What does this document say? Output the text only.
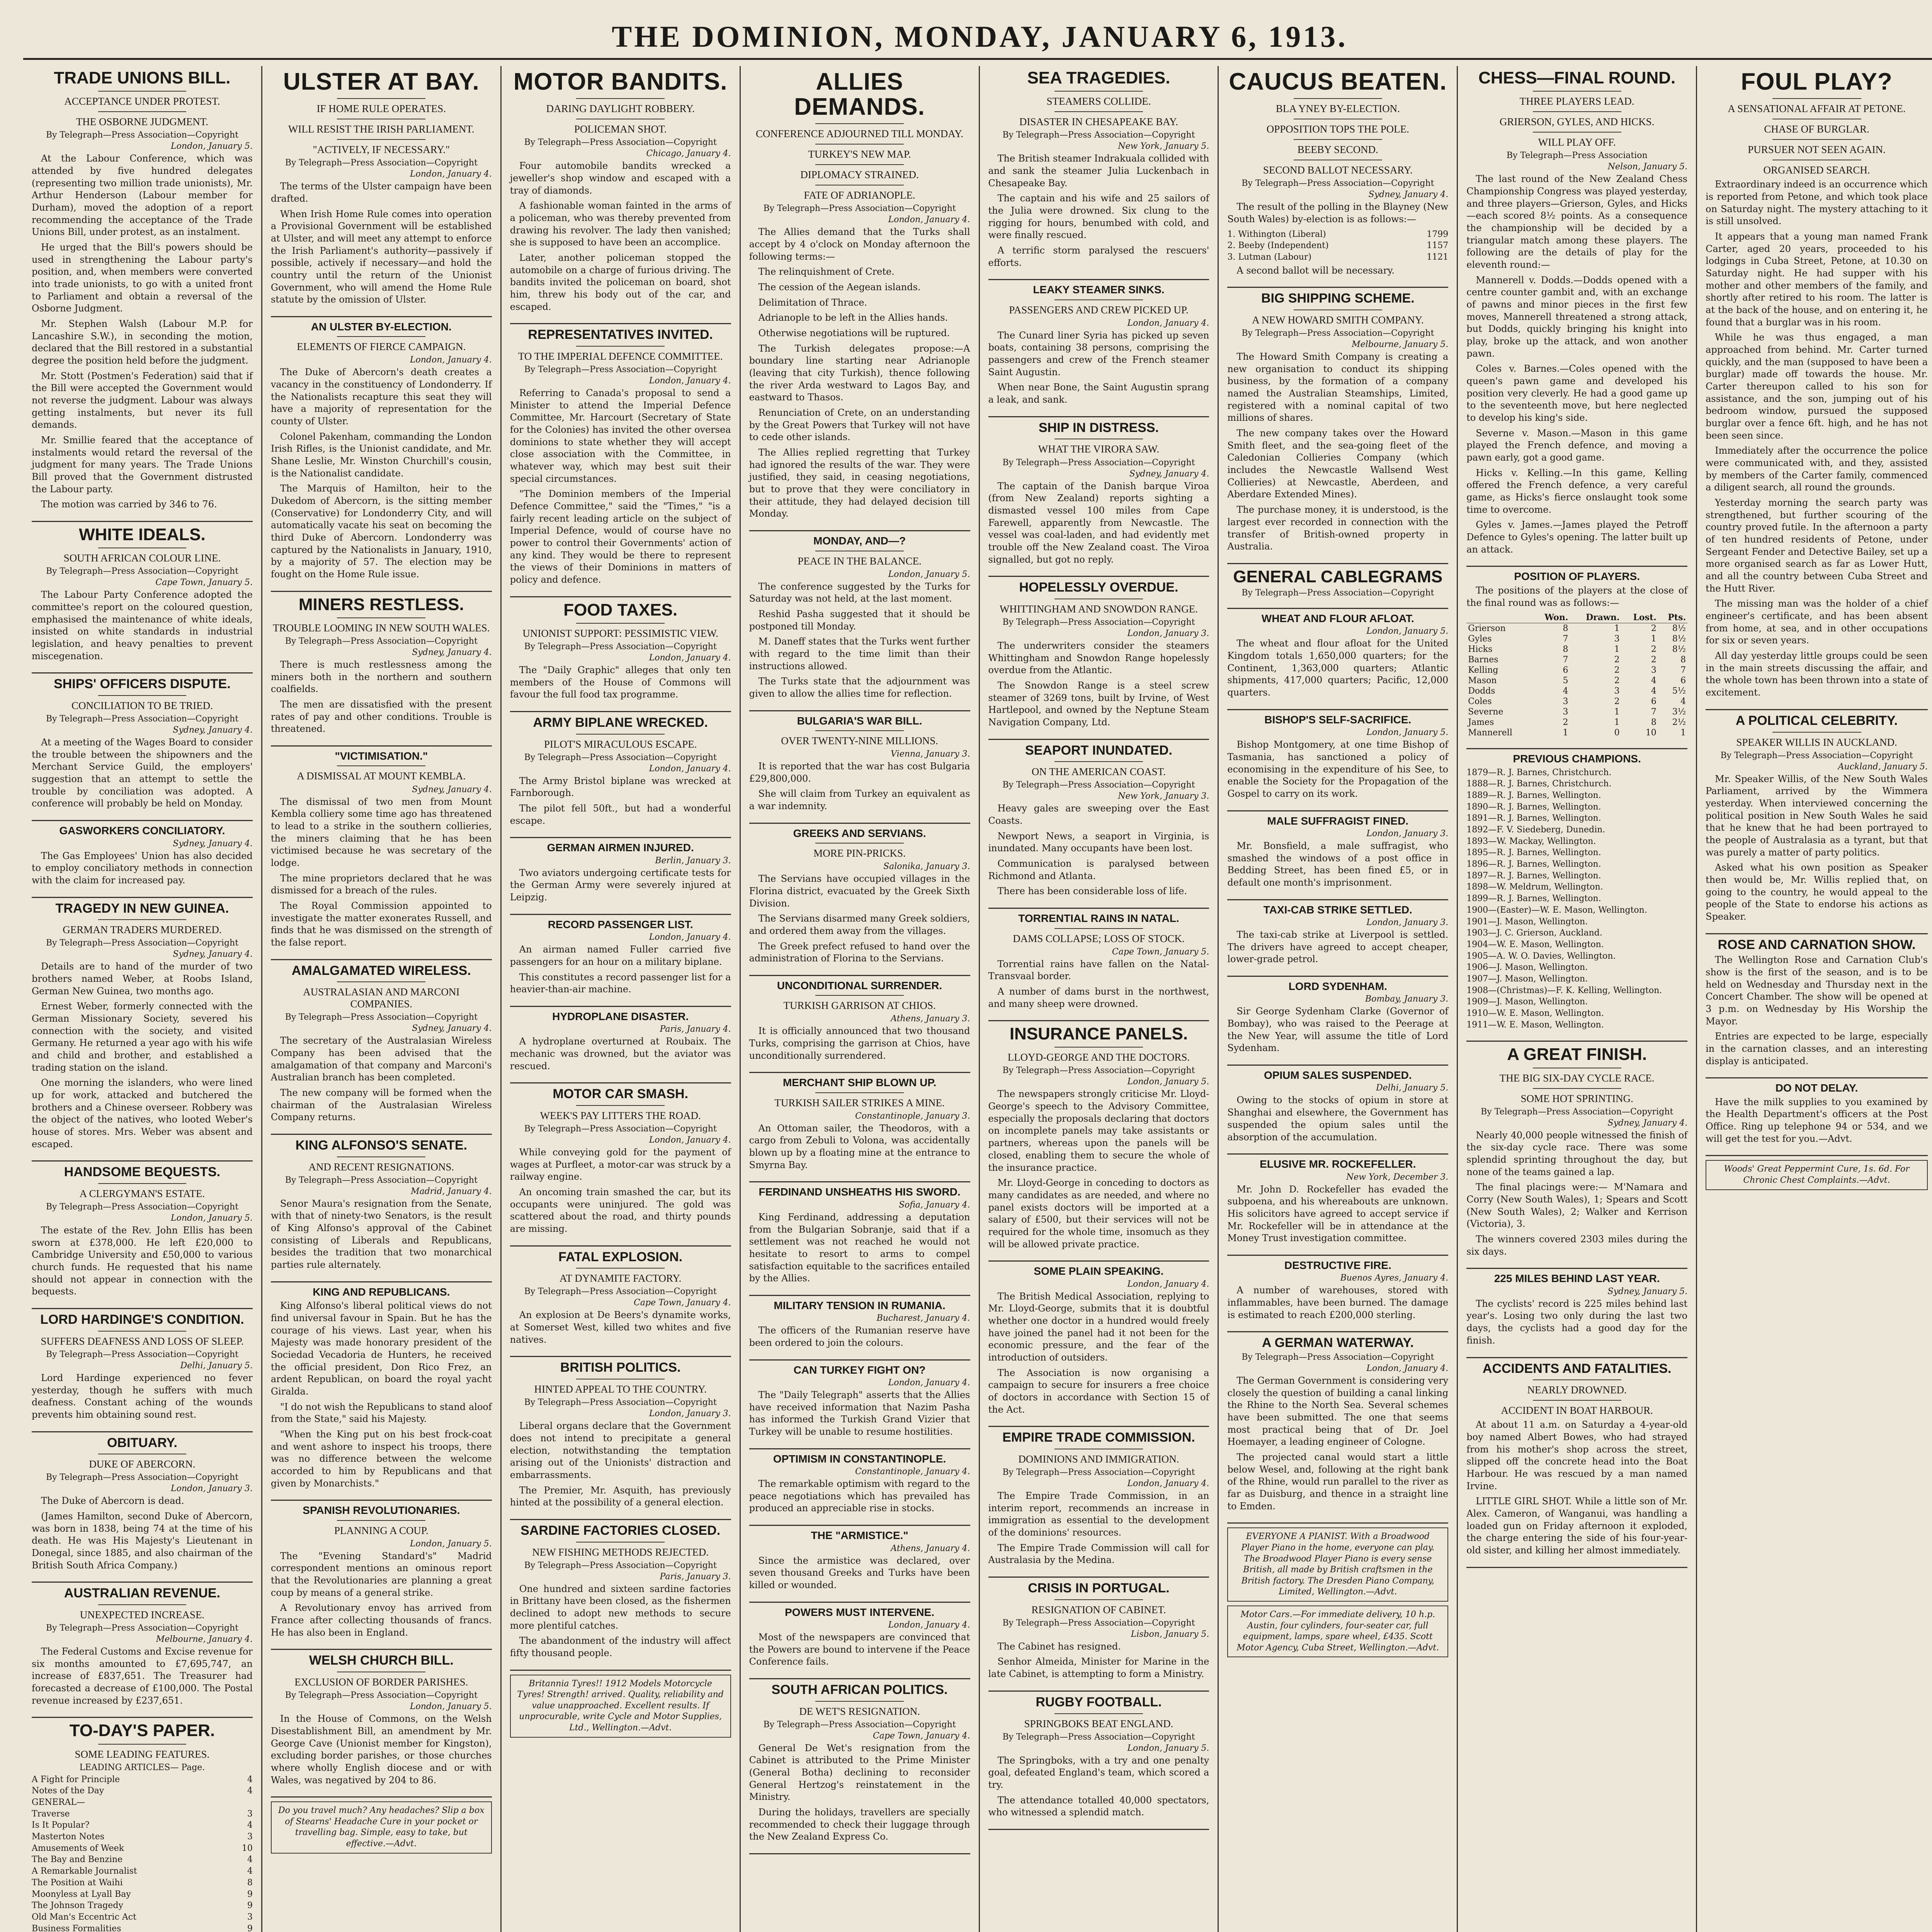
THE DOMINION, MONDAY, JANUARY 6, 1913.
TRADE UNIONS BILL.
ACCEPTANCE UNDER PROTEST.
THE OSBORNE JUDGMENT.
By Telegraph—Press Association—Copyright
London, January 5.

At the Labour Conference, which was attended by five hundred delegates (representing two million trade unionists), Mr. Arthur Henderson (Labour member for Durham), moved the adoption of a report recommending the acceptance of the Trade Unions Bill, under protest, as an instalment.

He urged that the Bill's powers should be used in strengthening the Labour party's position, and, when members were converted into trade unionists, to go with a united front to Parliament and obtain a reversal of the Osborne Judgment.

Mr. Stephen Walsh (Labour M.P. for Lancashire S.W.), in seconding the motion, declared that the Bill restored in a substantial degree the position held before the judgment.

Mr. Stott (Postmen's Federation) said that if the Bill were accepted the Government would not reverse the judgment. Labour was always getting instalments, but never its full demands.

Mr. Smillie feared that the acceptance of instalments would retard the reversal of the judgment for many years. The Trade Unions Bill proved that the Government distrusted the Labour party.

The motion was carried by 346 to 76.

WHITE IDEALS.
SOUTH AFRICAN COLOUR LINE.
By Telegraph—Press Association—Copyright
Cape Town, January 5.

The Labour Party Conference adopted the committee's report on the coloured question, emphasised the maintenance of white ideals, insisted on white standards in industrial legislation, and heavy penalties to prevent miscegenation.

SHIPS' OFFICERS DISPUTE.
CONCILIATION TO BE TRIED.
By Telegraph—Press Association—Copyright
Sydney, January 4.

At a meeting of the Wages Board to consider the trouble between the shipowners and the Merchant Service Guild, the employers' suggestion that an attempt to settle the trouble by conciliation was adopted. A conference will probably be held on Monday.

GASWORKERS CONCILIATORY.
Sydney, January 4.

The Gas Employees' Union has also decided to employ conciliatory methods in connection with the claim for increased pay.

TRAGEDY IN NEW GUINEA.
GERMAN TRADERS MURDERED.
By Telegraph—Press Association—Copyright
Sydney, January 4.

Details are to hand of the murder of two brothers named Weber, at Roobs Island, German New Guinea, two months ago.

Ernest Weber, formerly connected with the German Missionary Society, severed his connection with the society, and visited Germany. He returned a year ago with his wife and child and brother, and established a trading station on the island.

One morning the islanders, who were lined up for work, attacked and butchered the brothers and a Chinese overseer. Robbery was the object of the natives, who looted Weber's house of stores. Mrs. Weber was absent and escaped.

HANDSOME BEQUESTS.
A CLERGYMAN'S ESTATE.
By Telegraph—Press Association—Copyright
London, January 5.

The estate of the Rev. John Ellis has been sworn at £378,000. He left £20,000 to Cambridge University and £50,000 to various church funds. He requested that his name should not appear in connection with the bequests.

LORD HARDINGE'S CONDITION.
SUFFERS DEAFNESS AND LOSS OF SLEEP.
By Telegraph—Press Association—Copyright
Delhi, January 5.

Lord Hardinge experienced no fever yesterday, though he suffers with much deafness. Constant aching of the wounds prevents him obtaining sound rest.

OBITUARY.
DUKE OF ABERCORN.
By Telegraph—Press Association—Copyright
London, January 3.

The Duke of Abercorn is dead.

(James Hamilton, second Duke of Abercorn, was born in 1838, being 74 at the time of his death. He was His Majesty's Lieutenant in Donegal, since 1885, and also chairman of the British South Africa Company.)

AUSTRALIAN REVENUE.
UNEXPECTED INCREASE.
By Telegraph—Press Association—Copyright
Melbourne, January 4.

The Federal Customs and Excise revenue for six months amounted to £7,695,747, an increase of £837,651. The Treasurer had forecasted a decrease of £100,000. The Postal revenue increased by £237,651.

TO-DAY'S PAPER.
SOME LEADING FEATURES.
LEADING ARTICLES— Page.
A Fight for Principle	4
Notes of the Day	4
GENERAL—
Traverse	3
Is It Popular?	4
Masterton Notes	3
Amusements of Week	10
The Bay and Benzine	4
A Remarkable Journalist	4
The Position at Waihi	8
Moonyless at Lyall Bay	9
The Johnson Tragedy	9
Old Man's Eccentric Act	3
Business Formalities	9
ULSTER AT BAY.
IF HOME RULE OPERATES.
WILL RESIST THE IRISH PARLIAMENT.
"ACTIVELY, IF NECESSARY."
By Telegraph—Press Association—Copyright
London, January 4.

The terms of the Ulster campaign have been drafted.

When Irish Home Rule comes into operation a Provisional Government will be established at Ulster, and will meet any attempt to enforce the Irish Parliament's authority—passively if possible, actively if necessary—and hold the country until the return of the Unionist Government, who will amend the Home Rule statute by the omission of Ulster.

AN ULSTER BY-ELECTION.
ELEMENTS OF FIERCE CAMPAIGN.
London, January 4.

The Duke of Abercorn's death creates a vacancy in the constituency of Londonderry. If the Nationalists recapture this seat they will have a majority of representation for the county of Ulster.

Colonel Pakenham, commanding the London Irish Rifles, is the Unionist candidate, and Mr. Shane Leslie, Mr. Winston Churchill's cousin, is the Nationalist candidate.

The Marquis of Hamilton, heir to the Dukedom of Abercorn, is the sitting member (Conservative) for Londonderry City, and will automatically vacate his seat on becoming the third Duke of Abercorn. Londonderry was captured by the Nationalists in January, 1910, by a majority of 57. The election may be fought on the Home Rule issue.

MINERS RESTLESS.
TROUBLE LOOMING IN NEW SOUTH WALES.
By Telegraph—Press Association—Copyright
Sydney, January 4.

There is much restlessness among the miners both in the northern and southern coalfields.

The men are dissatisfied with the present rates of pay and other conditions. Trouble is threatened.

"VICTIMISATION."
A DISMISSAL AT MOUNT KEMBLA.
Sydney, January 4.

The dismissal of two men from Mount Kembla colliery some time ago has threatened to lead to a strike in the southern collieries, the miners claiming that he has been victimised because he was secretary of the lodge.

The mine proprietors declared that he was dismissed for a breach of the rules.

The Royal Commission appointed to investigate the matter exonerates Russell, and finds that he was dismissed on the strength of the false report.

AMALGAMATED WIRELESS.
AUSTRALASIAN AND MARCONI COMPANIES.
By Telegraph—Press Association—Copyright
Sydney, January 4.

The secretary of the Australasian Wireless Company has been advised that the amalgamation of that company and Marconi's Australian branch has been completed.

The new company will be formed when the chairman of the Australasian Wireless Company returns.

KING ALFONSO'S SENATE.
AND RECENT RESIGNATIONS.
By Telegraph—Press Association—Copyright
Madrid, January 4.

Senor Maura's resignation from the Senate, with that of ninety-two Senators, is the result of King Alfonso's approval of the Cabinet consisting of Liberals and Republicans, besides the tradition that two monarchical parties rule alternately.

KING AND REPUBLICANS.

King Alfonso's liberal political views do not find universal favour in Spain. But he has the courage of his views. Last year, when his Majesty was made honorary president of the Sociedad Vecadoria de Hunters, he received the official president, Don Rico Frez, an ardent Republican, on board the royal yacht Giralda.

"I do not wish the Republicans to stand aloof from the State," said his Majesty.

"When the King put on his best frock-coat and went ashore to inspect his troops, there was no difference between the welcome accorded to him by Republicans and that given by Monarchists."

SPANISH REVOLUTIONARIES.
PLANNING A COUP.
London, January 5.

The "Evening Standard's" Madrid correspondent mentions an ominous report that the Revolutionaries are planning a great coup by means of a general strike.

A Revolutionary envoy has arrived from France after collecting thousands of francs. He has also been in England.

WELSH CHURCH BILL.
EXCLUSION OF BORDER PARISHES.
By Telegraph—Press Association—Copyright
London, January 5.

In the House of Commons, on the Welsh Disestablishment Bill, an amendment by Mr. George Cave (Unionist member for Kingston), excluding border parishes, or those churches where wholly English diocese and or with Wales, was negatived by 204 to 86.

Do you travel much? Any headaches? Slip a box of Stearns' Headache Cure in your pocket or travelling bag. Simple, easy to take, but effective.—Advt.
MOTOR BANDITS.
DARING DAYLIGHT ROBBERY.
POLICEMAN SHOT.
By Telegraph—Press Association—Copyright
Chicago, January 4.

Four automobile bandits wrecked a jeweller's shop window and escaped with a tray of diamonds.

A fashionable woman fainted in the arms of a policeman, who was thereby prevented from drawing his revolver. The lady then vanished; she is supposed to have been an accomplice.

Later, another policeman stopped the automobile on a charge of furious driving. The bandits invited the policeman on board, shot him, threw his body out of the car, and escaped.

REPRESENTATIVES INVITED.
TO THE IMPERIAL DEFENCE COMMITTEE.
By Telegraph—Press Association—Copyright
London, January 4.

Referring to Canada's proposal to send a Minister to attend the Imperial Defence Committee, Mr. Harcourt (Secretary of State for the Colonies) has invited the other oversea dominions to state whether they will accept close association with the Committee, in whatever way, which may best suit their special circumstances.

"The Dominion members of the Imperial Defence Committee," said the "Times," "is a fairly recent leading article on the subject of Imperial Defence, would of course have no power to control their Governments' action of any kind. They would be there to represent the views of their Dominions in matters of policy and defence.

FOOD TAXES.
UNIONIST SUPPORT: PESSIMISTIC VIEW.
By Telegraph—Press Association—Copyright
London, January 4.

The "Daily Graphic" alleges that only ten members of the House of Commons will favour the full food tax programme.

ARMY BIPLANE WRECKED.
PILOT'S MIRACULOUS ESCAPE.
By Telegraph—Press Association—Copyright
London, January 4.

The Army Bristol biplane was wrecked at Farnborough.

The pilot fell 50ft., but had a wonderful escape.

GERMAN AIRMEN INJURED.
Berlin, January 3.

Two aviators undergoing certificate tests for the German Army were severely injured at Leipzig.

RECORD PASSENGER LIST.
London, January 4.

An airman named Fuller carried five passengers for an hour on a military biplane.

This constitutes a record passenger list for a heavier-than-air machine.

HYDROPLANE DISASTER.
Paris, January 4.

A hydroplane overturned at Roubaix. The mechanic was drowned, but the aviator was rescued.

MOTOR CAR SMASH.
WEEK'S PAY LITTERS THE ROAD.
By Telegraph—Press Association—Copyright
London, January 4.

While conveying gold for the payment of wages at Purfleet, a motor-car was struck by a railway engine.

An oncoming train smashed the car, but its occupants were uninjured. The gold was scattered about the road, and thirty pounds are missing.

FATAL EXPLOSION.
AT DYNAMITE FACTORY.
By Telegraph—Press Association—Copyright
Cape Town, January 4.

An explosion at De Beers's dynamite works, at Somerset West, killed two whites and five natives.

BRITISH POLITICS.
HINTED APPEAL TO THE COUNTRY.
By Telegraph—Press Association—Copyright
London, January 3.

Liberal organs declare that the Government does not intend to precipitate a general election, notwithstanding the temptation arising out of the Unionists' distraction and embarrassments.

The Premier, Mr. Asquith, has previously hinted at the possibility of a general election.

SARDINE FACTORIES CLOSED.
NEW FISHING METHODS REJECTED.
By Telegraph—Press Association—Copyright
Paris, January 3.

One hundred and sixteen sardine factories in Brittany have been closed, as the fishermen declined to adopt new methods to secure more plentiful catches.

The abandonment of the industry will affect fifty thousand people.

Britannia Tyres!! 1912 Models Motorcycle Tyres! Strength! arrived. Quality, reliability and value unapproached. Excellent results. If unprocurable, write Cycle and Motor Supplies, Ltd., Wellington.—Advt.
ALLIES DEMANDS.
CONFERENCE ADJOURNED TILL MONDAY.
TURKEY'S NEW MAP.
DIPLOMACY STRAINED.
FATE OF ADRIANOPLE.
By Telegraph—Press Association—Copyright
London, January 4.

The Allies demand that the Turks shall accept by 4 o'clock on Monday afternoon the following terms:—

The relinquishment of Crete.

The cession of the Aegean islands.

Delimitation of Thrace.

Adrianople to be left in the Allies hands.

Otherwise negotiations will be ruptured.

The Turkish delegates propose:—A boundary line starting near Adrianople (leaving that city Turkish), thence following the river Arda westward to Lagos Bay, and eastward to Thasos.

Renunciation of Crete, on an understanding by the Great Powers that Turkey will not have to cede other islands.

The Allies replied regretting that Turkey had ignored the results of the war. They were justified, they said, in ceasing negotiations, but to prove that they were conciliatory in their attitude, they had delayed decision till Monday.

MONDAY, AND—?
PEACE IN THE BALANCE.
London, January 5.

The conference suggested by the Turks for Saturday was not held, at the last moment.

Reshid Pasha suggested that it should be postponed till Monday.

M. Daneff states that the Turks went further with regard to the time limit than their instructions allowed.

The Turks state that the adjournment was given to allow the allies time for reflection.

BULGARIA'S WAR BILL.
OVER TWENTY-NINE MILLIONS.
Vienna, January 3.

It is reported that the war has cost Bulgaria £29,800,000.

She will claim from Turkey an equivalent as a war indemnity.

GREEKS AND SERVIANS.
MORE PIN-PRICKS.
Salonika, January 3.

The Servians have occupied villages in the Florina district, evacuated by the Greek Sixth Division.

The Servians disarmed many Greek soldiers, and ordered them away from the villages.

The Greek prefect refused to hand over the administration of Florina to the Servians.

UNCONDITIONAL SURRENDER.
TURKISH GARRISON AT CHIOS.
Athens, January 3.

It is officially announced that two thousand Turks, comprising the garrison at Chios, have unconditionally surrendered.

MERCHANT SHIP BLOWN UP.
TURKISH SAILER STRIKES A MINE.
Constantinople, January 3.

An Ottoman sailer, the Theodoros, with a cargo from Zebuli to Volona, was accidentally blown up by a floating mine at the entrance to Smyrna Bay.

FERDINAND UNSHEATHS HIS SWORD.
Sofia, January 4.

King Ferdinand, addressing a deputation from the Bulgarian Sobranje, said that if a settlement was not reached he would not hesitate to resort to arms to compel satisfaction equitable to the sacrifices entailed by the Allies.

MILITARY TENSION IN RUMANIA.
Bucharest, January 4.

The officers of the Rumanian reserve have been ordered to join the colours.

CAN TURKEY FIGHT ON?
London, January 4.

The "Daily Telegraph" asserts that the Allies have received information that Nazim Pasha has informed the Turkish Grand Vizier that Turkey will be unable to resume hostilities.

OPTIMISM IN CONSTANTINOPLE.
Constantinople, January 4.

The remarkable optimism with regard to the peace negotiations which has prevailed has produced an appreciable rise in stocks.

THE "ARMISTICE."
Athens, January 4.

Since the armistice was declared, over seven thousand Greeks and Turks have been killed or wounded.

POWERS MUST INTERVENE.
London, January 4.

Most of the newspapers are convinced that the Powers are bound to intervene if the Peace Conference fails.

SOUTH AFRICAN POLITICS.
DE WET'S RESIGNATION.
By Telegraph—Press Association—Copyright
Cape Town, January 4.

General De Wet's resignation from the Cabinet is attributed to the Prime Minister (General Botha) declining to reconsider General Hertzog's reinstatement in the Ministry.

During the holidays, travellers are specially recommended to check their luggage through the New Zealand Express Co.

SEA TRAGEDIES.
STEAMERS COLLIDE.
DISASTER IN CHESAPEAKE BAY.
By Telegraph—Press Association—Copyright
New York, January 5.

The British steamer Indrakuala collided with and sank the steamer Julia Luckenbach in Chesapeake Bay.

The captain and his wife and 25 sailors of the Julia were drowned. Six clung to the rigging for hours, benumbed with cold, and were finally rescued.

A terrific storm paralysed the rescuers' efforts.

LEAKY STEAMER SINKS.
PASSENGERS AND CREW PICKED UP.
London, January 4.

The Cunard liner Syria has picked up seven boats, containing 38 persons, comprising the passengers and crew of the French steamer Saint Augustin.

When near Bone, the Saint Augustin sprang a leak, and sank.

SHIP IN DISTRESS.
WHAT THE VIRORA SAW.
By Telegraph—Press Association—Copyright
Sydney, January 4.

The captain of the Danish barque Viroa (from New Zealand) reports sighting a dismasted vessel 100 miles from Cape Farewell, apparently from Newcastle. The vessel was coal-laden, and had evidently met trouble off the New Zealand coast. The Viroa signalled, but got no reply.

HOPELESSLY OVERDUE.
WHITTINGHAM AND SNOWDON RANGE.
By Telegraph—Press Association—Copyright
London, January 3.

The underwriters consider the steamers Whittingham and Snowdon Range hopelessly overdue from the Atlantic.

The Snowdon Range is a steel screw steamer of 3269 tons, built by Irvine, of West Hartlepool, and owned by the Neptune Steam Navigation Company, Ltd.

SEAPORT INUNDATED.
ON THE AMERICAN COAST.
By Telegraph—Press Association—Copyright
New York, January 3.

Heavy gales are sweeping over the East Coasts.

Newport News, a seaport in Virginia, is inundated. Many occupants have been lost.

Communication is paralysed between Richmond and Atlanta.

There has been considerable loss of life.

TORRENTIAL RAINS IN NATAL.
DAMS COLLAPSE; LOSS OF STOCK.
Cape Town, January 5.

Torrential rains have fallen on the Natal-Transvaal border.

A number of dams burst in the northwest, and many sheep were drowned.

INSURANCE PANELS.
LLOYD-GEORGE AND THE DOCTORS.
By Telegraph—Press Association—Copyright
London, January 5.

The newspapers strongly criticise Mr. Lloyd-George's speech to the Advisory Committee, especially the proposals declaring that doctors on incomplete panels may take assistants or partners, whereas upon the panels will be closed, enabling them to secure the whole of the insurance practice.

Mr. Lloyd-George in conceding to doctors as many candidates as are needed, and where no panel exists doctors will be imported at a salary of £500, but their services will not be required for the whole time, insomuch as they will be allowed private practice.

SOME PLAIN SPEAKING.
London, January 4.

The British Medical Association, replying to Mr. Lloyd-George, submits that it is doubtful whether one doctor in a hundred would freely have joined the panel had it not been for the economic pressure, and the fear of the introduction of outsiders.

The Association is now organising a campaign to secure for insurers a free choice of doctors in accordance with Section 15 of the Act.

EMPIRE TRADE COMMISSION.
DOMINIONS AND IMMIGRATION.
By Telegraph—Press Association—Copyright
London, January 4.

The Empire Trade Commission, in an interim report, recommends an increase in immigration as essential to the development of the dominions' resources.

The Empire Trade Commission will call for Australasia by the Medina.

CRISIS IN PORTUGAL.
RESIGNATION OF CABINET.
By Telegraph—Press Association—Copyright
Lisbon, January 5.

The Cabinet has resigned.

Senhor Almeida, Minister for Marine in the late Cabinet, is attempting to form a Ministry.

RUGBY FOOTBALL.
SPRINGBOKS BEAT ENGLAND.
By Telegraph—Press Association—Copyright
London, January 5.

The Springboks, with a try and one penalty goal, defeated England's team, which scored a try.

The attendance totalled 40,000 spectators, who witnessed a splendid match.

CAUCUS BEATEN.
BLA YNEY BY-ELECTION.
OPPOSITION TOPS THE POLE.
BEEBY SECOND.
SECOND BALLOT NECESSARY.
By Telegraph—Press Association—Copyright
Sydney, January 4.

The result of the polling in the Blayney (New South Wales) by-election is as follows:—

1. Withington (Liberal)	1799
2. Beeby (Independent)	1157
3. Lutman (Labour)	1121

A second ballot will be necessary.

BIG SHIPPING SCHEME.
A NEW HOWARD SMITH COMPANY.
By Telegraph—Press Association—Copyright
Melbourne, January 5.

The Howard Smith Company is creating a new organisation to conduct its shipping business, by the formation of a company named the Australian Steamships, Limited, registered with a nominal capital of two millions of shares.

The new company takes over the Howard Smith fleet, and the sea-going fleet of the Caledonian Collieries Company (which includes the Newcastle Wallsend West Collieries) at Newcastle, Aberdeen, and Aberdare Extended Mines).

The purchase money, it is understood, is the largest ever recorded in connection with the transfer of British-owned property in Australia.

GENERAL CABLEGRAMS
By Telegraph—Press Association—Copyright
WHEAT AND FLOUR AFLOAT.
London, January 5.

The wheat and flour afloat for the United Kingdom totals 1,650,000 quarters; for the Continent, 1,363,000 quarters; Atlantic shipments, 417,000 quarters; Pacific, 12,000 quarters.

BISHOP'S SELF-SACRIFICE.
London, January 5.

Bishop Montgomery, at one time Bishop of Tasmania, has sanctioned a policy of economising in the expenditure of his See, to enable the Society for the Propagation of the Gospel to carry on its work.

MALE SUFFRAGIST FINED.
London, January 3.

Mr. Bonsfield, a male suffragist, who smashed the windows of a post office in Bedding Street, has been fined £5, or in default one month's imprisonment.

TAXI-CAB STRIKE SETTLED.
London, January 3.

The taxi-cab strike at Liverpool is settled. The drivers have agreed to accept cheaper, lower-grade petrol.

LORD SYDENHAM.
Bombay, January 3.

Sir George Sydenham Clarke (Governor of Bombay), who was raised to the Peerage at the New Year, will assume the title of Lord Sydenham.

OPIUM SALES SUSPENDED.
Delhi, January 5.

Owing to the stocks of opium in store at Shanghai and elsewhere, the Government has suspended the opium sales until the absorption of the accumulation.

ELUSIVE MR. ROCKEFELLER.
New York, December 3.

Mr. John D. Rockefeller has evaded the subpoena, and his whereabouts are unknown. His solicitors have agreed to accept service if Mr. Rockefeller will be in attendance at the Money Trust investigation committee.

DESTRUCTIVE FIRE.
Buenos Ayres, January 4.

A number of warehouses, stored with inflammables, have been burned. The damage is estimated to reach £200,000 sterling.

A GERMAN WATERWAY.
By Telegraph—Press Association—Copyright
London, January 4.

The German Government is considering very closely the question of building a canal linking the Rhine to the North Sea. Several schemes have been submitted. The one that seems most practical being that of Dr. Joel Hoemayer, a leading engineer of Cologne.

The projected canal would start a little below Wesel, and, following at the right bank of the Rhine, would run parallel to the river as far as Duisburg, and thence in a straight line to Emden.

EVERYONE A PIANIST. With a Broadwood Player Piano in the home, everyone can play. The Broadwood Player Piano is every sense British, all made by British craftsmen in the British factory. The Dresden Piano Company, Limited, Wellington.—Advt.
Motor Cars.—For immediate delivery, 10 h.p. Austin, four cylinders, four-seater car, full equipment, lamps, spare wheel, £435. Scott Motor Agency, Cuba Street, Wellington.—Advt.
CHESS—FINAL ROUND.
THREE PLAYERS LEAD.
GRIERSON, GYLES, AND HICKS.
WILL PLAY OFF.
By Telegraph—Press Association
Nelson, January 5.

The last round of the New Zealand Chess Championship Congress was played yesterday, and three players—Grierson, Gyles, and Hicks—each scored 8½ points. As a consequence the championship will be decided by a triangular match among these players. The following are the details of play for the eleventh round:—

Mannerell v. Dodds.—Dodds opened with a centre counter gambit and, with an exchange of pawns and minor pieces in the first few moves, Mannerell threatened a strong attack, but Dodds, quickly bringing his knight into play, broke up the attack, and won another pawn.

Coles v. Barnes.—Coles opened with the queen's pawn game and developed his position very cleverly. He had a good game up to the seventeenth move, but here neglected to develop his king's side.

Severne v. Mason.—Mason in this game played the French defence, and moving a pawn early, got a good game.

Hicks v. Kelling.—In this game, Kelling offered the French defence, a very careful game, as Hicks's fierce onslaught took some time to overcome.

Gyles v. James.—James played the Petroff Defence to Gyles's opening. The latter built up an attack.

POSITION OF PLAYERS.

The positions of the players at the close of the final round was as follows:—

	Won.	Drawn.	Lost.	Pts.
Grierson	8	1	2	8½
Gyles	7	3	1	8½
Hicks	8	1	2	8½
Barnes	7	2	2	8
Kelling	6	2	3	7
Mason	5	2	4	6
Dodds	4	3	4	5½
Coles	3	2	6	4
Severne	3	1	7	3½
James	2	1	8	2½
Mannerell	1	0	10	1
PREVIOUS CHAMPIONS.
1879—R. J. Barnes, Christchurch.
1888—R. J. Barnes, Christchurch.
1889—R. J. Barnes, Wellington.
1890—R. J. Barnes, Wellington.
1891—R. J. Barnes, Wellington.
1892—F. V. Siedeberg, Dunedin.
1893—W. Mackay, Wellington.
1895—R. J. Barnes, Wellington.
1896—R. J. Barnes, Wellington.
1897—R. J. Barnes, Wellington.
1898—W. Meldrum, Wellington.
1899—R. J. Barnes, Wellington.
1900—(Easter)—W. E. Mason, Wellington.
1901—J. Mason, Wellington.
1903—J. C. Grierson, Auckland.
1904—W. E. Mason, Wellington.
1905—A. W. O. Davies, Wellington.
1906—J. Mason, Wellington.
1907—J. Mason, Wellington.
1908—(Christmas)—F. K. Kelling, Wellington.
1909—J. Mason, Wellington.
1910—W. E. Mason, Wellington.
1911—W. E. Mason, Wellington.
A GREAT FINISH.
THE BIG SIX-DAY CYCLE RACE.
SOME HOT SPRINTING.
By Telegraph—Press Association—Copyright
Sydney, January 4.

Nearly 40,000 people witnessed the finish of the six-day cycle race. There was some splendid sprinting throughout the day, but none of the teams gained a lap.

The final placings were:— M'Namara and Corry (New South Wales), 1; Spears and Scott (New South Wales), 2; Walker and Kerrison (Victoria), 3.

The winners covered 2303 miles during the six days.

225 MILES BEHIND LAST YEAR.
Sydney, January 5.

The cyclists' record is 225 miles behind last year's. Losing two only during the last two days, the cyclists had a good day for the finish.

ACCIDENTS AND FATALITIES.
NEARLY DROWNED.
ACCIDENT IN BOAT HARBOUR.

At about 11 a.m. on Saturday a 4-year-old boy named Albert Bowes, who had strayed from his mother's shop across the street, slipped off the concrete head into the Boat Harbour. He was rescued by a man named Irvine.

LITTLE GIRL SHOT. While a little son of Mr. Alex. Cameron, of Wanganui, was handling a loaded gun on Friday afternoon it exploded, the charge entering the side of his four-year-old sister, and killing her almost immediately.

FOUL PLAY?
A SENSATIONAL AFFAIR AT PETONE.
CHASE OF BURGLAR.
PURSUER NOT SEEN AGAIN.
ORGANISED SEARCH.

Extraordinary indeed is an occurrence which is reported from Petone, and which took place on Saturday night. The mystery attaching to it is still unsolved.

It appears that a young man named Frank Carter, aged 20 years, proceeded to his lodgings in Cuba Street, Petone, at 10.30 on Saturday night. He had supper with his mother and other members of the family, and shortly after retired to his room. The latter is at the back of the house, and on entering it, he found that a burglar was in his room.

While he was thus engaged, a man approached from behind. Mr. Carter turned quickly, and the man (supposed to have been a burglar) made off towards the house. Mr. Carter thereupon called to his son for assistance, and the son, jumping out of his bedroom window, pursued the supposed burglar over a fence 6ft. high, and he has not been seen since.

Immediately after the occurrence the police were communicated with, and they, assisted by members of the Carter family, commenced a diligent search, all round the grounds.

Yesterday morning the search party was strengthened, but further scouring of the country proved futile. In the afternoon a party of ten hundred residents of Petone, under Sergeant Fender and Detective Bailey, set up a more organised search as far as Lower Hutt, and all the country between Cuba Street and the Hutt River.

The missing man was the holder of a chief engineer's certificate, and has been absent from home, at sea, and in other occupations for six or seven years.

All day yesterday little groups could be seen in the main streets discussing the affair, and the whole town has been thrown into a state of excitement.

A POLITICAL CELEBRITY.
SPEAKER WILLIS IN AUCKLAND.
By Telegraph—Press Association—Copyright
Auckland, January 5.

Mr. Speaker Willis, of the New South Wales Parliament, arrived by the Wimmera yesterday. When interviewed concerning the political position in New South Wales he said that he knew that he had been portrayed to the people of Australasia as a tyrant, but that was purely a matter of party politics.

Asked what his own position as Speaker then would be, Mr. Willis replied that, on going to the country, he would appeal to the people of the State to endorse his actions as Speaker.

ROSE AND CARNATION SHOW.

The Wellington Rose and Carnation Club's show is the first of the season, and is to be held on Wednesday and Thursday next in the Concert Chamber. The show will be opened at 3 p.m. on Wednesday by His Worship the Mayor.

Entries are expected to be large, especially in the carnation classes, and an interesting display is anticipated.

DO NOT DELAY.

Have the milk supplies to you examined by the Health Department's officers at the Post Office. Ring up telephone 94 or 534, and we will get the test for you.—Advt.

Woods' Great Peppermint Cure, 1s. 6d. For Chronic Chest Complaints.—Advt.
